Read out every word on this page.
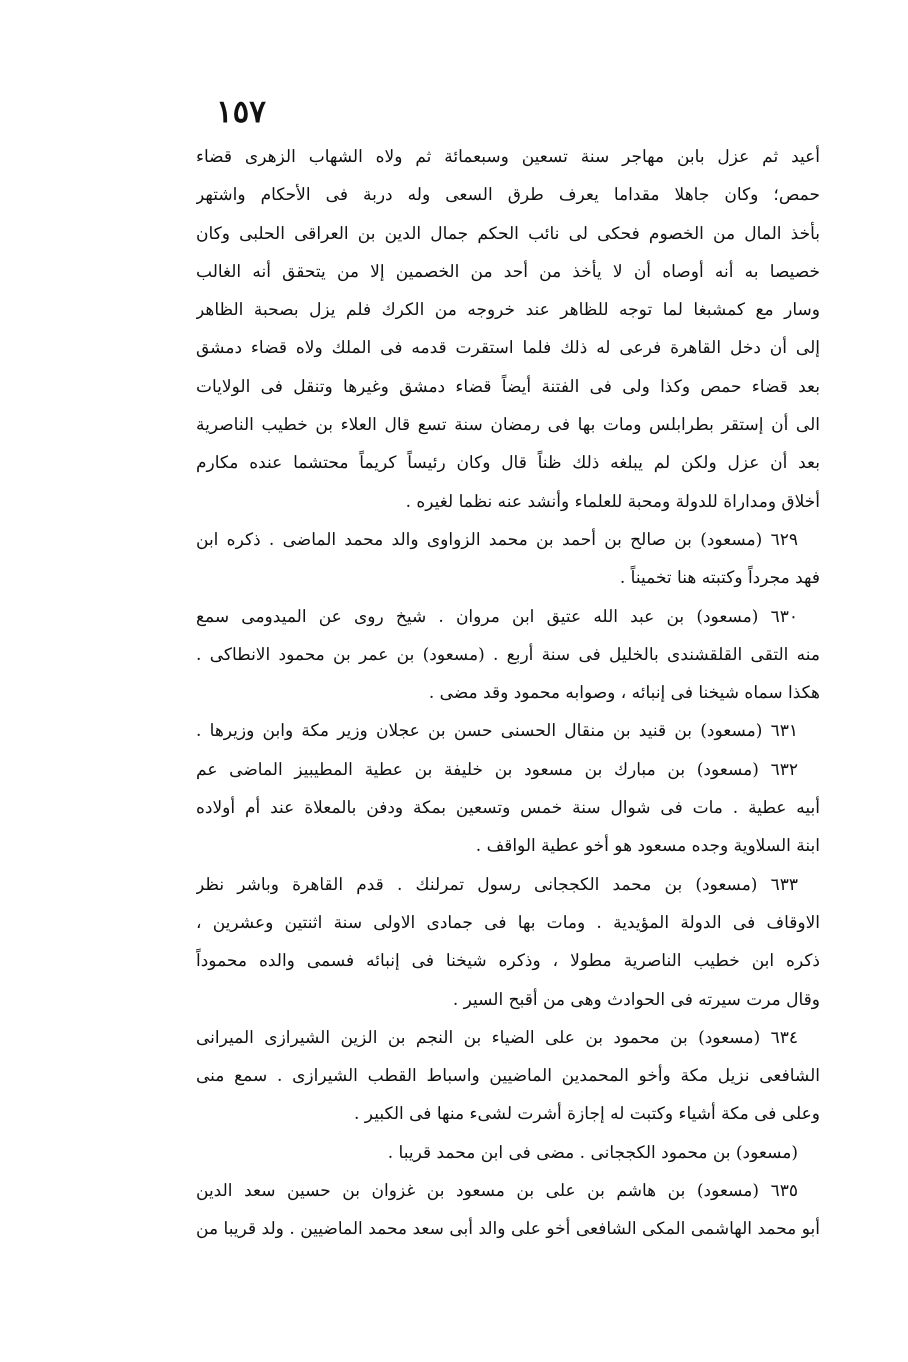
١٥٧
أعيد ثم عزل بابن مهاجر سنة تسعين وسبعمائة ثم ولاه الشهاب الزهرى قضاء
حمص؛ وكان جاهلا مقداما يعرف طرق السعى وله دربة فى الأحكام واشتهر
بأخذ المال من الخصوم فحكى لى نائب الحكم جمال الدين بن العراقى الحلبى وكان
خصيصا به أنه أوصاه أن لا يأخذ من أحد من الخصمين إلا من يتحقق أنه الغالب
وسار مع كمشبغا لما توجه للظاهر عند خروجه من الكرك فلم يزل بصحبة الظاهر
إلى أن دخل القاهرة فرعى له ذلك فلما استقرت قدمه فى الملك ولاه قضاء دمشق
بعد قضاء حمص وكذا ولى فى الفتنة أيضاً قضاء دمشق وغيرها وتنقل فى الولايات
الى أن إستقر بطرابلس ومات بها فى رمضان سنة تسع قال العلاء بن خطيب الناصرية
بعد أن عزل ولكن لم يبلغه ذلك ظناً قال وكان رئيساً كريماً محتشما عنده مكارم
أخلاق ومداراة للدولة ومحبة للعلماء وأنشد عنه نظما لغيره .
٦٢٩ (مسعود) بن صالح بن أحمد بن محمد الزواوى والد محمد الماضى . ذكره ابن
فهد مجرداً وكتبته هنا تخميناً .
٦٣٠ (مسعود) بن عبد الله عتيق ابن مروان . شيخ روى عن الميدومى سمع
منه التقى القلقشندى بالخليل فى سنة أربع . (مسعود) بن عمر بن محمود الانطاكى .
هكذا سماه شيخنا فى إنبائه ، وصوابه محمود وقد مضى .
٦٣١ (مسعود) بن قنيد بن منقال الحسنى حسن بن عجلان وزير مكة وابن وزيرها .
٦٣٢ (مسعود) بن مبارك بن مسعود بن خليفة بن عطية المطيبيز الماضى عم
أبيه عطية . مات فى شوال سنة خمس وتسعين بمكة ودفن بالمعلاة عند أم أولاده
ابنة السلاوية وجده مسعود هو أخو عطية الواقف .
٦٣٣ (مسعود) بن محمد الكججانى رسول تمرلنك . قدم القاهرة وباشر نظر
الاوقاف فى الدولة المؤيدية . ومات بها فى جمادى الاولى سنة اثنتين وعشرين ،
ذكره ابن خطيب الناصرية مطولا ، وذكره شيخنا فى إنبائه فسمى والده محموداً
وقال مرت سيرته فى الحوادث وهى من أقبح السير .
٦٣٤ (مسعود) بن محمود بن على الضياء بن النجم بن الزين الشيرازى الميرانى
الشافعى نزيل مكة وأخو المحمدين الماضيين واسباط القطب الشيرازى . سمع منى
وعلى فى مكة أشياء وكتبت له إجازة أشرت لشىء منها فى الكبير .
(مسعود) بن محمود الكججانى . مضى فى ابن محمد قريبا .
٦٣٥ (مسعود) بن هاشم بن على بن مسعود بن غزوان بن حسين سعد الدين
أبو محمد الهاشمى المكى الشافعى أخو على والد أبى سعد محمد الماضيين . ولد قريبا من
